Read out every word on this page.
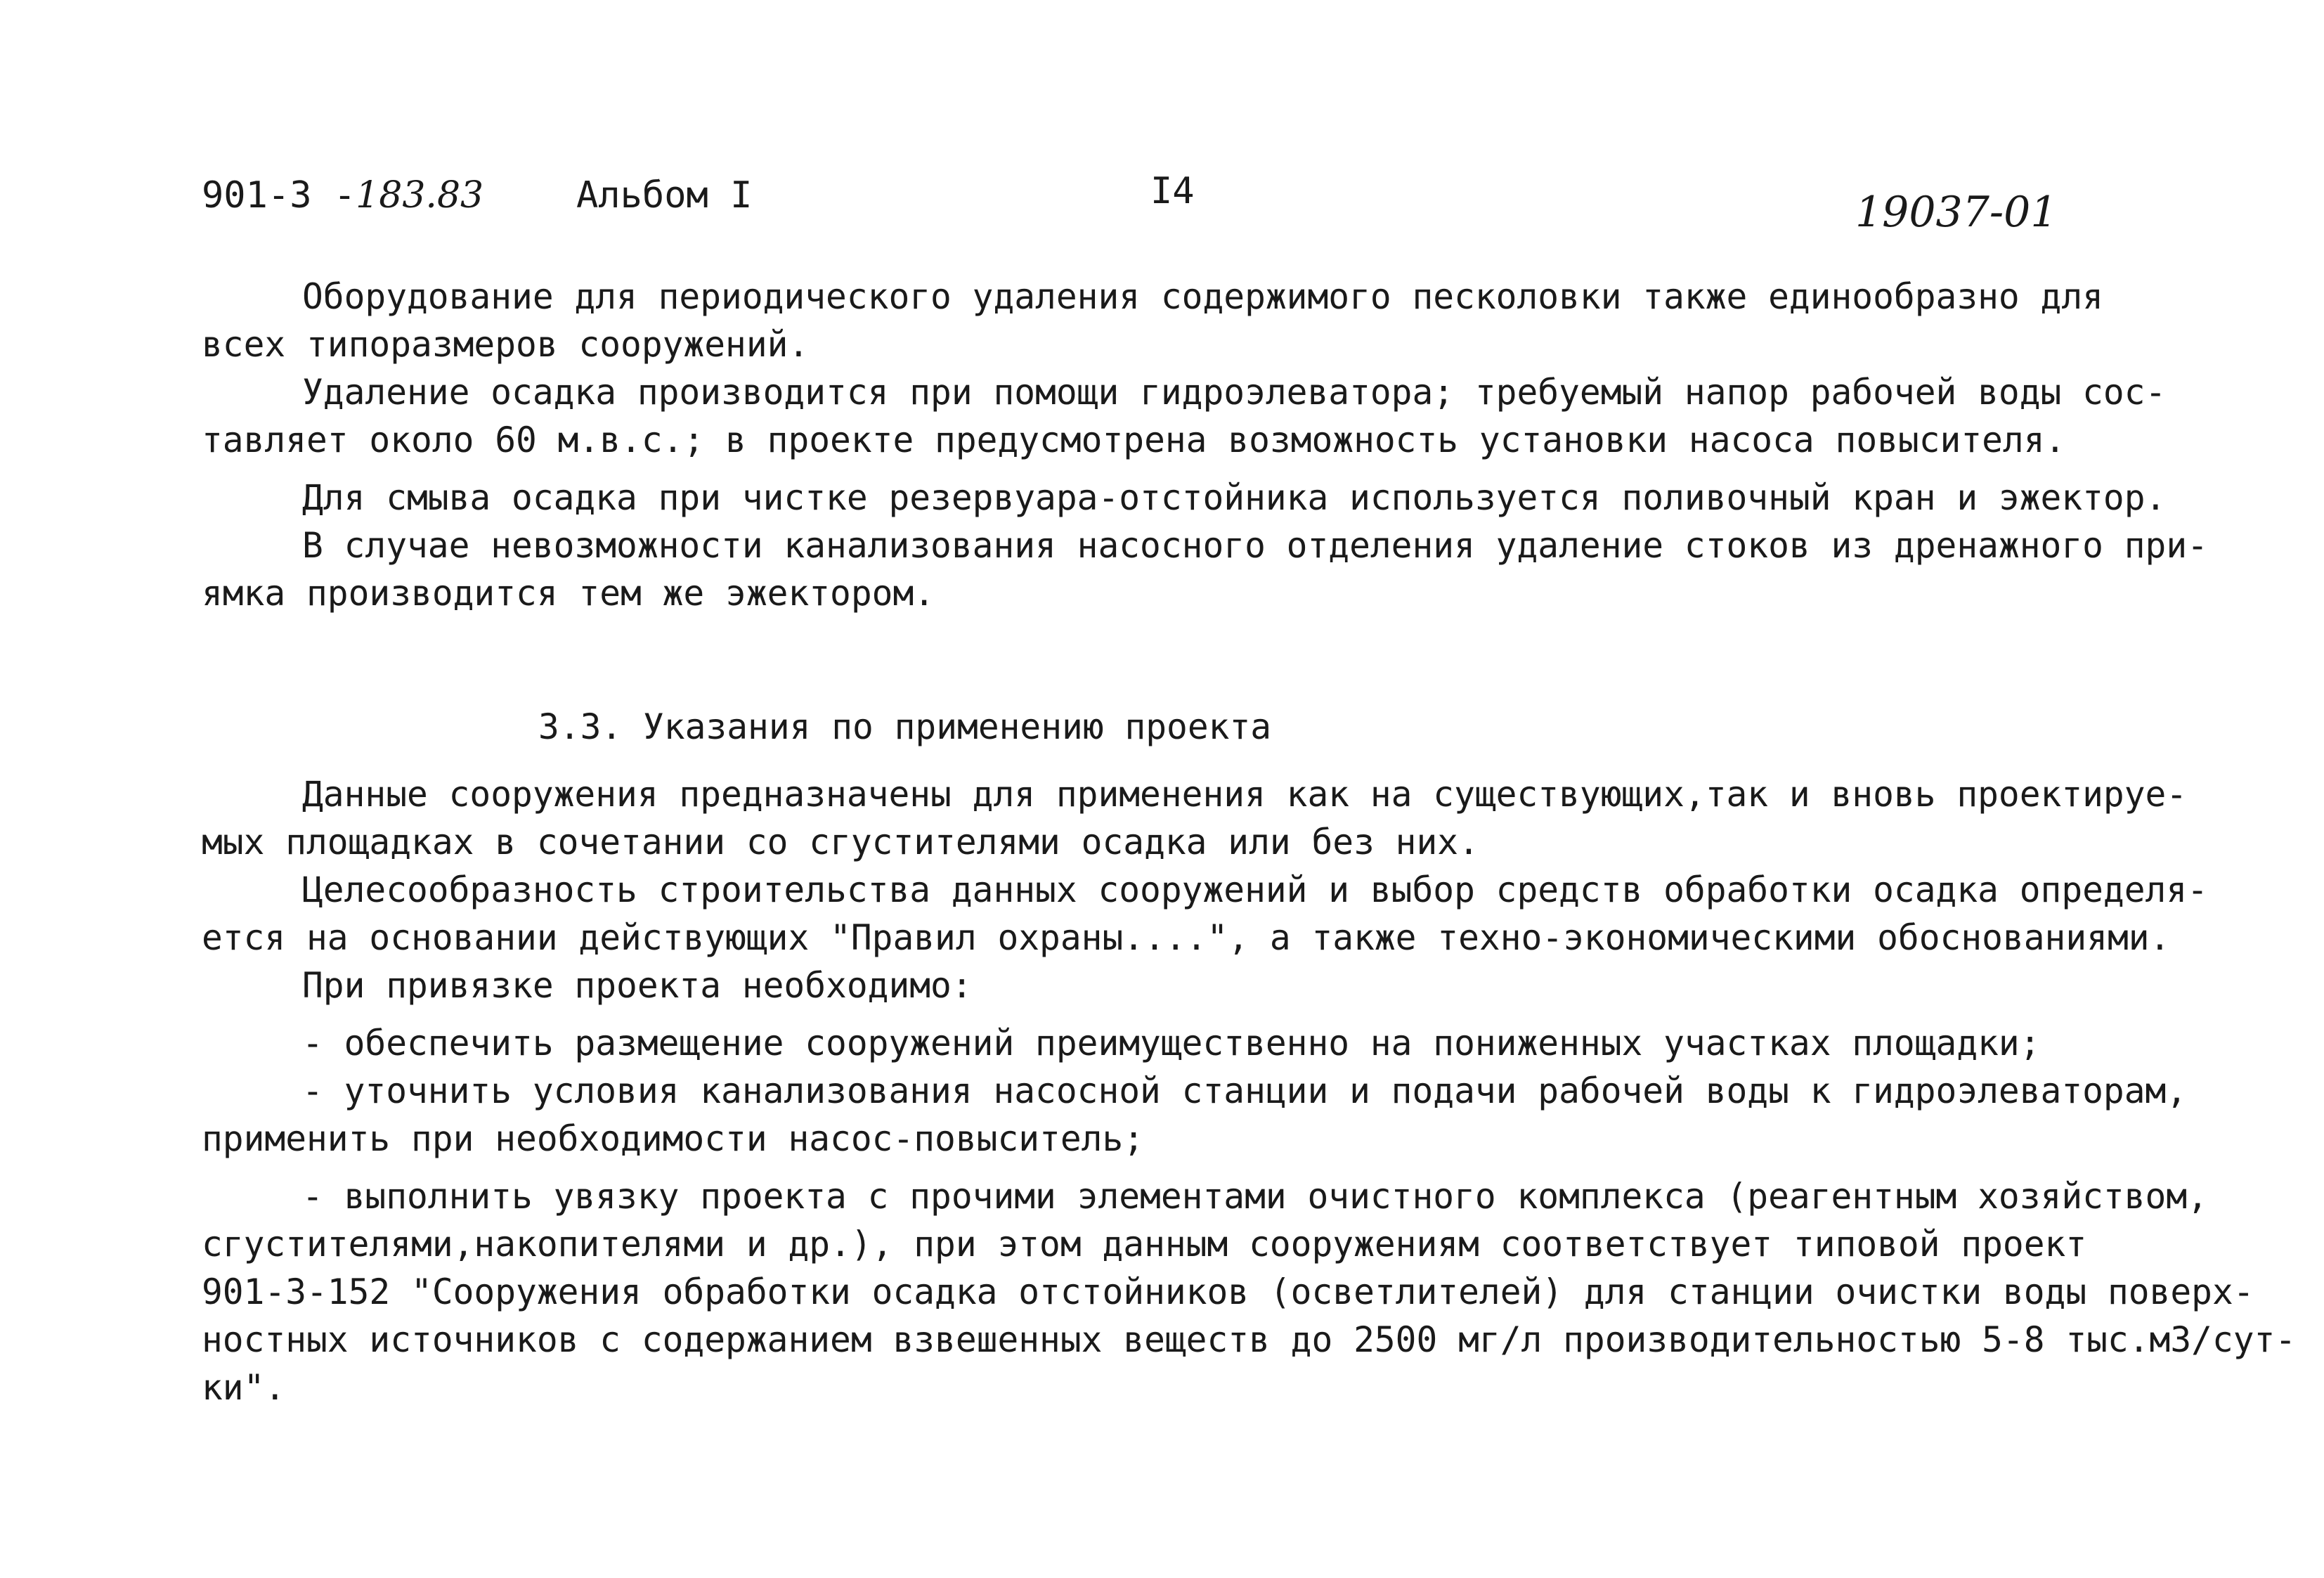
901-3 -183.83	Альбом I	I4	19037-01

Оборудование для периодического удаления содержимого песколовки также единообразно для

всех типоразмеров сооружений.

Удаление осадка производится при помощи гидроэлеватора; требуемый напор рабочей воды сос-

тавляет около 60 м.в.с.; в проекте предусмотрена возможность установки насоса повысителя.

Для смыва осадка при чистке резервуара-отстойника используется поливочный кран и эжектор.

В случае невозможности канализования насосного отделения удаление стоков из дренажного при-

ямка производится тем же эжектором.

3.3. Указания по применению проекта

Данные сооружения предназначены для применения как на существующих,так и вновь проектируе-

мых площадках в сочетании со сгустителями осадка или без них.

Целесообразность строительства данных сооружений и выбор средств обработки осадка определя-

ется на основании действующих "Правил охраны....", а также техно-экономическими обоснованиями.

При привязке проекта необходимо:

- обеспечить размещение сооружений преимущественно на пониженных участках площадки;

- уточнить условия канализования насосной станции и подачи рабочей воды к гидроэлеваторам,

применить при необходимости насос-повыситель;

- выполнить увязку проекта с прочими элементами очистного комплекса (реагентным хозяйством,

сгустителями,накопителями и др.), при этом данным сооружениям соответствует типовой проект

901-3-152 "Сооружения обработки осадка отстойников (осветлителей) для станции очистки воды поверх-

ностных источников с содержанием взвешенных веществ до 2500 мг/л производительностью 5-8 тыс.м3/сут-

ки".
